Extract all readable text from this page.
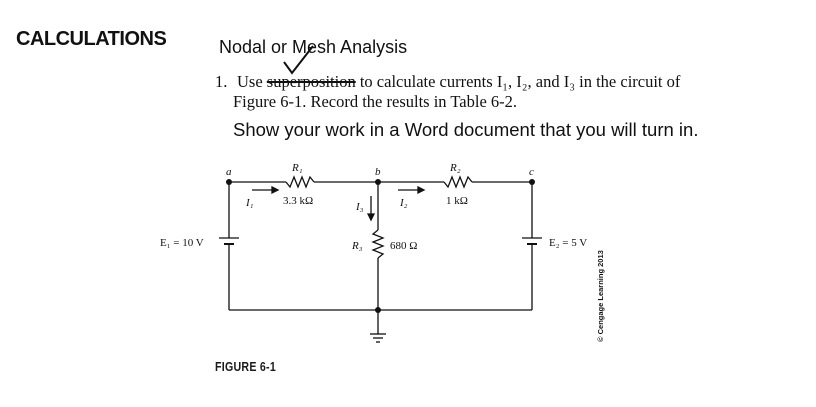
CALCULATIONS	Nodal or Mesh Analysis
1. Use superposition to calculate currents I₁, I₂, and I₃ in the circuit of
Figure 6-1. Record the results in Table 6-2.
Show your work in a Word document that you will turn in.
a	b	c
R₁
3.3 kΩ
R₂
1 kΩ
R₃ 680 Ω
I₁	I₂
I₃
E₁ = 10 V	E₂ = 5 V
© Cengage Learning 2013
FIGURE 6-1
